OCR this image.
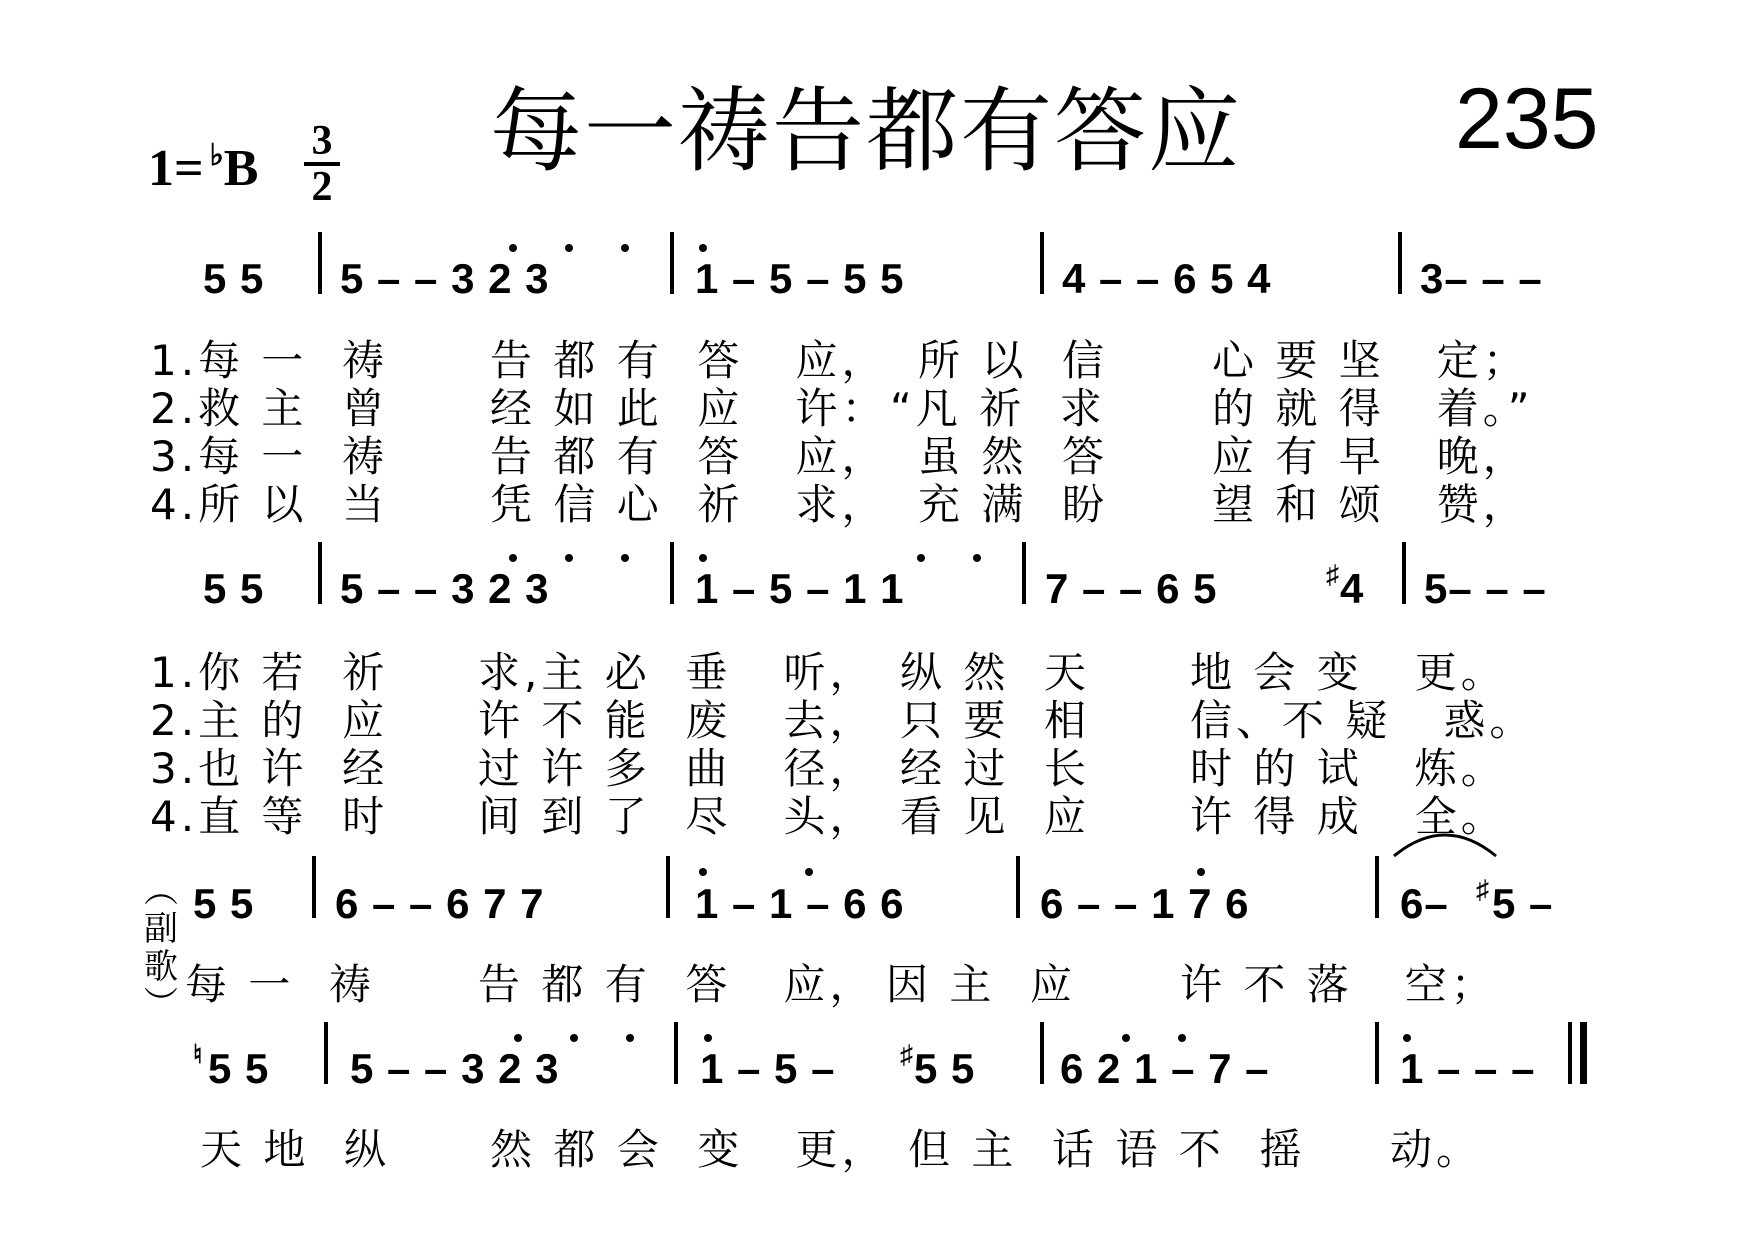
每一祷告都有答应 235
1= ♭B 3
2
5 5 5 – – 3 2 3	1 – 5 – 5 5	4 – – 6 5 4	3– – –
1.每 一  祷 告 都 有  答   应， 所 以  信 心 要 坚   定；
2.救 主  曾 经 如 此  应   许： “凡 祈  求	的 就 得   着。”
3.每 一  祷 告 都 有  答   应， 虽 然  答 应 有 早   晚，
4.所 以  当 凭 信 心  祈   求， 充 满  盼 望 和 颂   赞，
5 5 5 – – 3 2 3	1 – 5 – 1 1	7 – – 6 5	♯ 4 5– – –
1.你 若  祈 求,主 必  垂   听， 纵 然  天 地 会 变   更。
2.主 的  应 许 不 能  废   去， 只 要  相 信、不 疑   惑。
3.也 许  经 过 许 多  曲   径， 经 过  长 时 的 试   炼。
4.直 等  时 间 到 了  尽   头， 看 见  应 许 得 成   全。
︵
副
歌
︶
5 5 6 – – 6 7 7	1 – 1 – 6 6	6 – – 1 7 6	6– ♯ 5 –
每 一  祷 告 都 有  答   应， 因 主  应 许 不 落   空；
♮ 5 5 5 – – 3 2 3	1 – 5 – ♯ 5 5 6 2 1 – 7 –	1 – – –
天 地  纵 然 都 会  变   更， 但 主  话 语 不  摇 动。
